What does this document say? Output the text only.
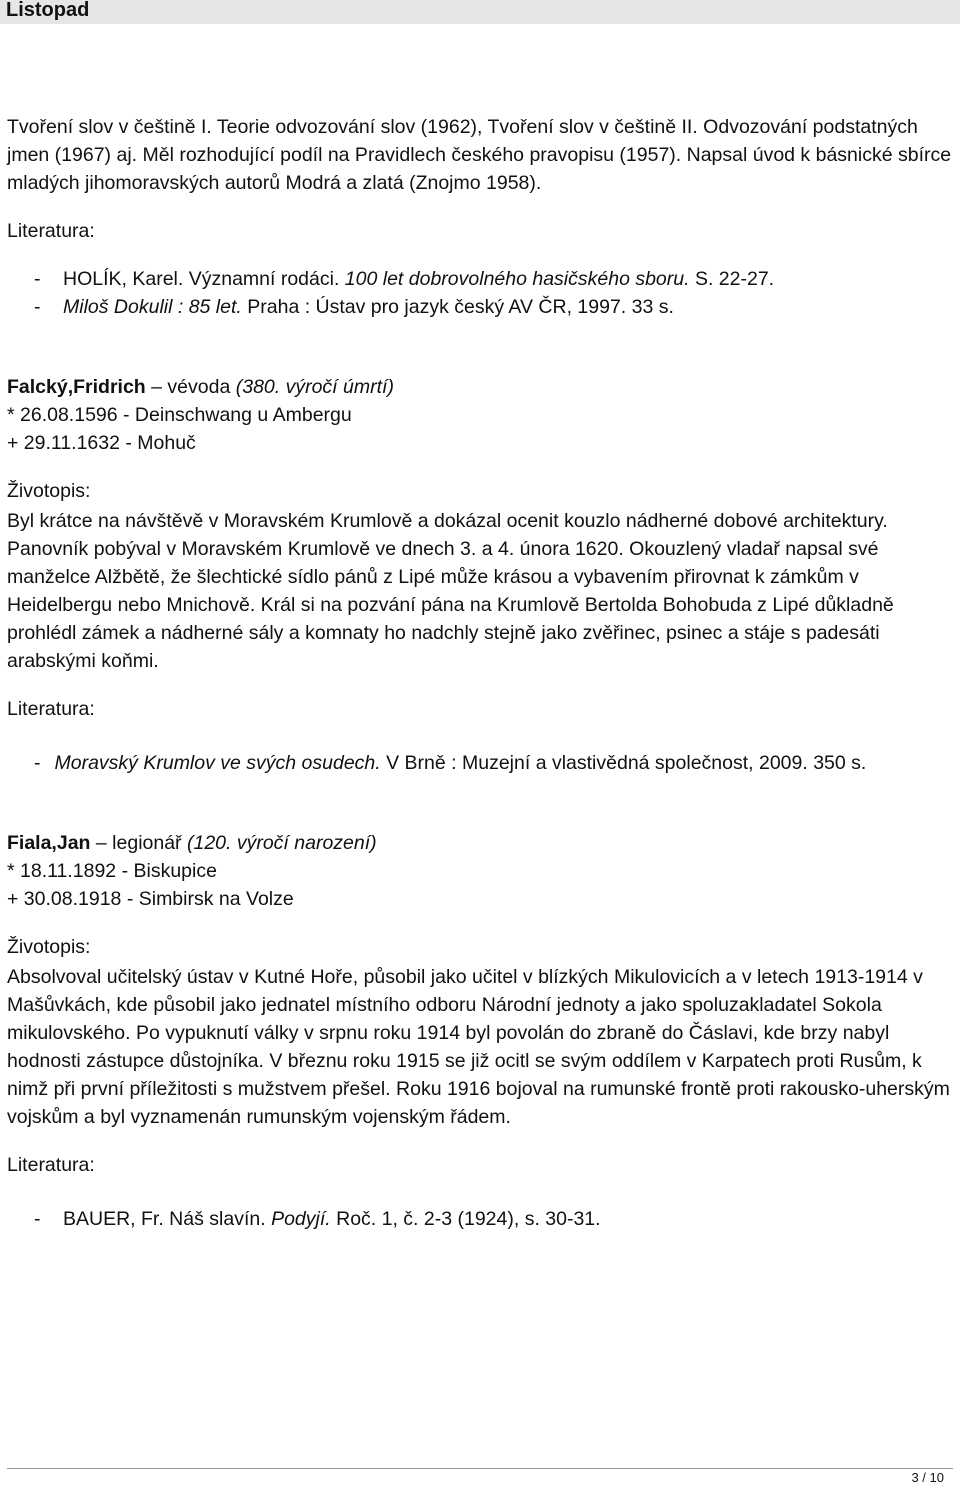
Listopad

Tvoření slov v češtině I. Teorie odvozování slov (1962), Tvoření slov v češtině II. Odvozování podstatných jmen (1967) aj. Měl rozhodující podíl na Pravidlech českého pravopisu (1957). Napsal úvod k básnické sbírce mladých jihomoravských autorů Modrá a zlatá (Znojmo 1958).

Literatura:

-	HOLÍK, Karel. Významní rodáci. 100 let dobrovolného hasičského sboru. S. 22-27.
-	Miloš Dokulil : 85 let. Praha : Ústav pro jazyk český AV ČR, 1997. 33 s.

Falcký,Fridrich – vévoda (380. výročí úmrtí)

* 26.08.1596 - Deinschwang u Ambergu

+ 29.11.1632 - Mohuč

Životopis:

Byl krátce na návštěvě v Moravském Krumlově a dokázal ocenit kouzlo nádherné dobové architektury. Panovník pobýval v Moravském Krumlově ve dnech 3. a 4. února 1620. Okouzlený vladař napsal své manželce Alžbětě, že šlechtické sídlo pánů z Lipé může krásou a vybavením přirovnat k zámkům v Heidelbergu nebo Mnichově. Král si na pozvání pána na Krumlově Bertolda Bohobuda z Lipé důkladně prohlédl zámek a nádherné sály a komnaty ho nadchly stejně jako zvěřinec, psinec a stáje s padesáti arabskými koňmi.

Literatura:

- Moravský Krumlov ve svých osudech. V Brně : Muzejní a vlastivědná společnost, 2009. 350 s.

Fiala,Jan – legionář (120. výročí narození)

* 18.11.1892 - Biskupice

+ 30.08.1918 - Simbirsk na Volze

Životopis:

Absolvoval učitelský ústav v Kutné Hoře, působil jako učitel v blízkých Mikulovicích a v letech 1913-1914 v Mašůvkách, kde působil jako jednatel místního odboru Národní jednoty a jako spoluzakladatel Sokola mikulovského. Po vypuknutí války v srpnu roku 1914 byl povolán do zbraně do Čáslavi, kde brzy nabyl hodnosti zástupce důstojníka. V březnu roku 1915 se již ocitl se svým oddílem v Karpatech proti Rusům, k nimž při první příležitosti s mužstvem přešel. Roku 1916 bojoval na rumunské frontě proti rakousko-uherským vojskům a byl vyznamenán rumunským vojenským řádem.

Literatura:

-	BAUER, Fr. Náš slavín. Podyjí. Roč. 1, č. 2-3 (1924), s. 30-31.
3 / 10
